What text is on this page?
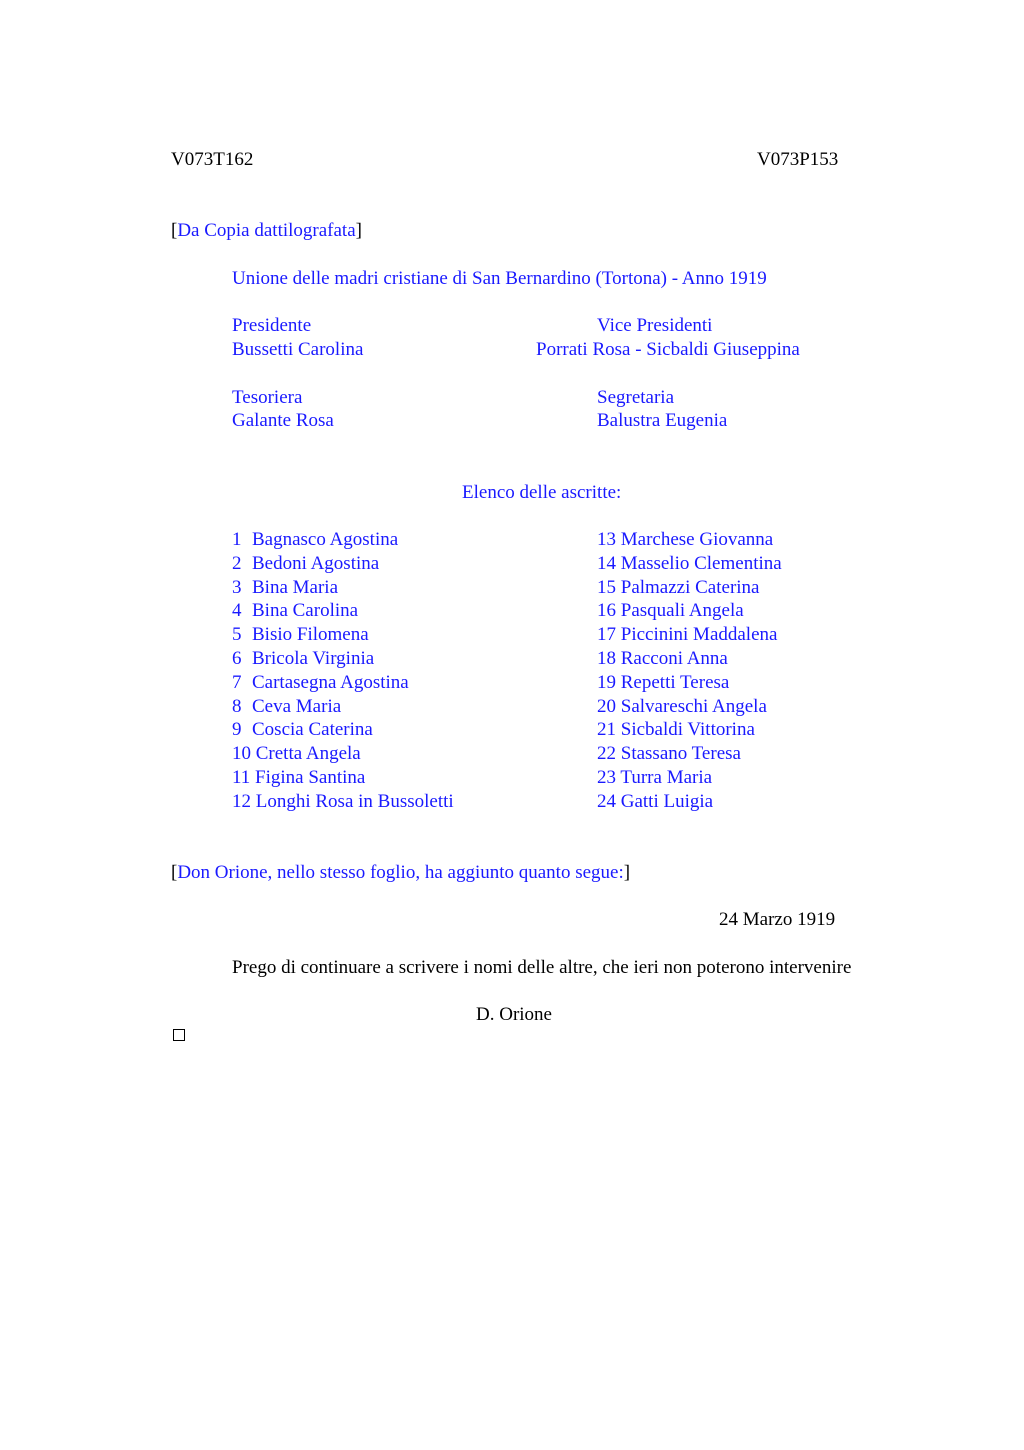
V073T162	V073P153
[Da Copia dattilografata]
Unione delle madri cristiane di San Bernardino (Tortona) - Anno 1919
Presidente
Bussetti Carolina
Vice Presidenti
Porrati Rosa - Sicbaldi Giuseppina
Tesoriera
Galante Rosa
Segretaria
Balustra Eugenia
Elenco delle ascritte:
1 Bagnasco Agostina
2 Bedoni Agostina
3 Bina Maria
4 Bina Carolina
5 Bisio Filomena
6 Bricola Virginia
7 Cartasegna Agostina
8 Ceva Maria
9 Coscia Caterina
10 Cretta Angela
11 Figina Santina
12 Longhi Rosa in Bussoletti
13 Marchese Giovanna
14 Masselio Clementina
15 Palmazzi Caterina
16 Pasquali Angela
17 Piccinini Maddalena
18 Racconi Anna
19 Repetti Teresa
20 Salvareschi Angela
21 Sicbaldi Vittorina
22 Stassano Teresa
23 Turra Maria
24 Gatti Luigia
[Don Orione, nello stesso foglio, ha aggiunto quanto segue:]
24 Marzo 1919
Prego di continuare a scrivere i nomi delle altre, che ieri non poterono intervenire
D. Orione
